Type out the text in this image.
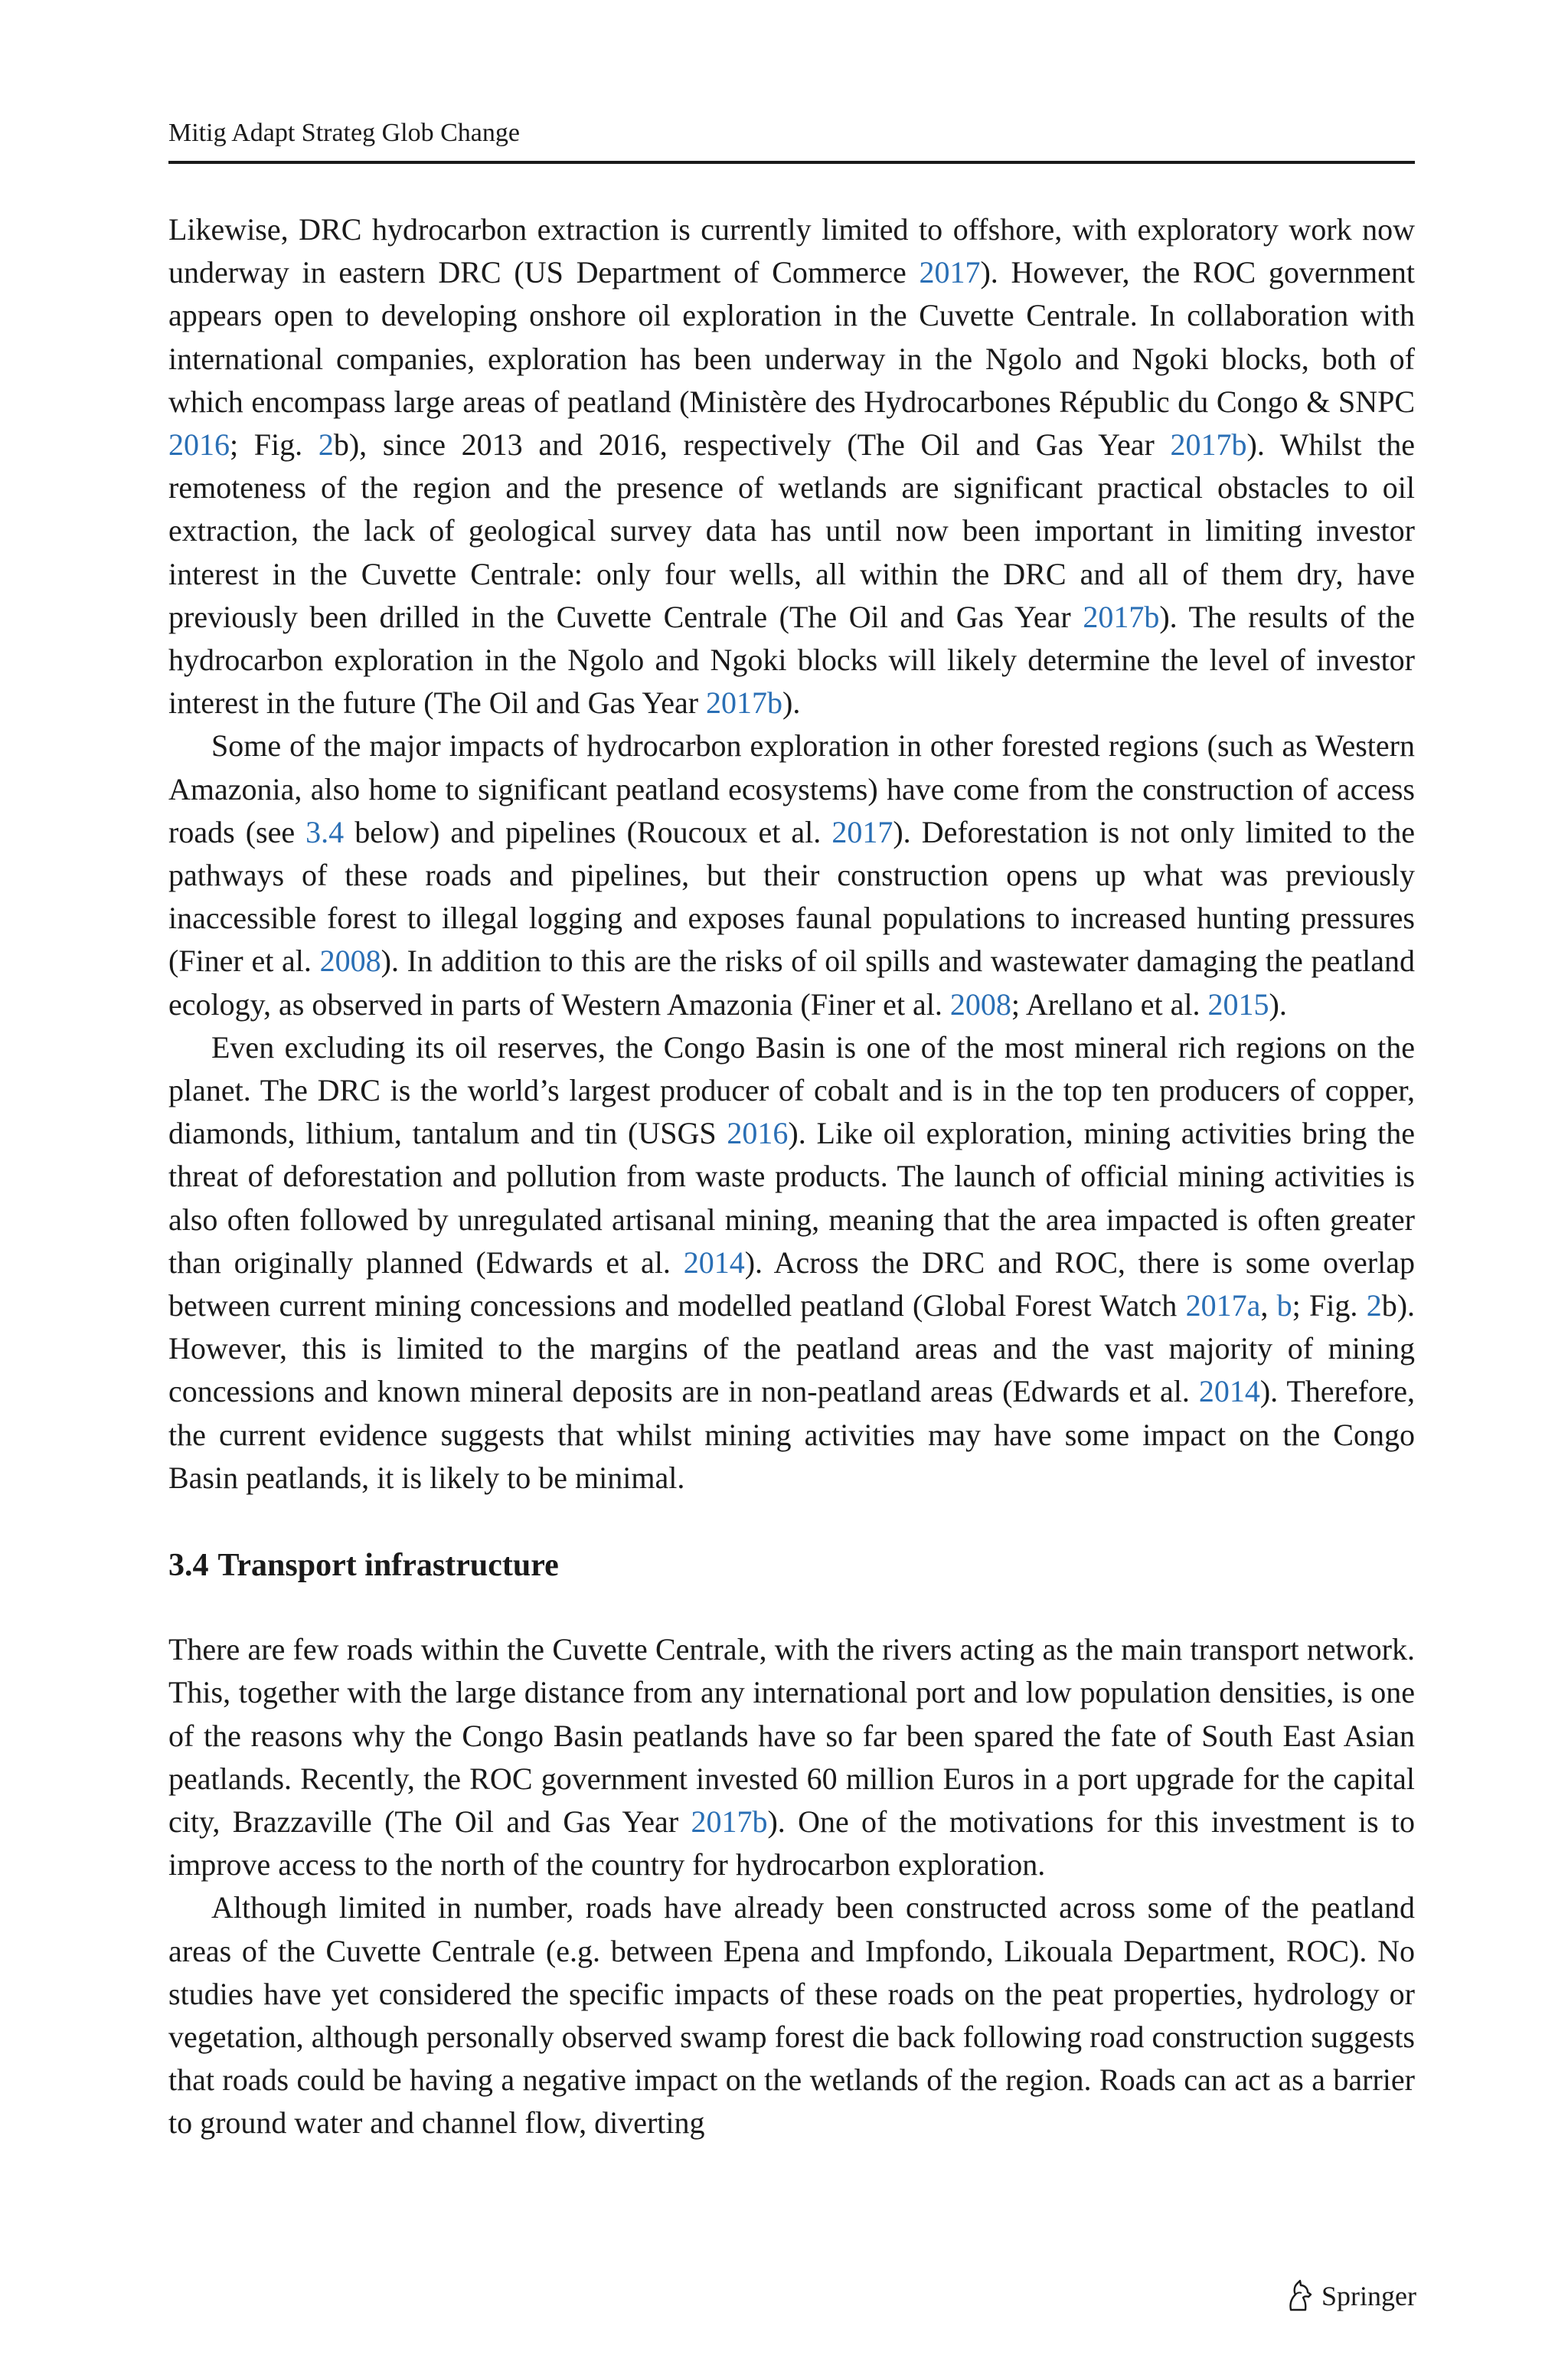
Mitig Adapt Strateg Glob Change

Likewise, DRC hydrocarbon extraction is currently limited to offshore, with exploratory work now underway in eastern DRC (US Department of Commerce 2017). However, the ROC government appears open to developing onshore oil exploration in the Cuvette Centrale. In collaboration with international companies, exploration has been underway in the Ngolo and Ngoki blocks, both of which encompass large areas of peatland (Ministère des Hydrocarbones Républic du Congo & SNPC 2016; Fig. 2b), since 2013 and 2016, respectively (The Oil and Gas Year 2017b). Whilst the remoteness of the region and the presence of wetlands are significant practical obstacles to oil extraction, the lack of geological survey data has until now been important in limiting investor interest in the Cuvette Centrale: only four wells, all within the DRC and all of them dry, have previously been drilled in the Cuvette Centrale (The Oil and Gas Year 2017b). The results of the hydrocarbon exploration in the Ngolo and Ngoki blocks will likely determine the level of investor interest in the future (The Oil and Gas Year 2017b).

Some of the major impacts of hydrocarbon exploration in other forested regions (such as Western Amazonia, also home to significant peatland ecosystems) have come from the construction of access roads (see 3.4 below) and pipelines (Roucoux et al. 2017). Deforestation is not only limited to the pathways of these roads and pipelines, but their construction opens up what was previously inaccessible forest to illegal logging and exposes faunal populations to increased hunting pressures (Finer et al. 2008). In addition to this are the risks of oil spills and wastewater damaging the peatland ecology, as observed in parts of Western Amazonia (Finer et al. 2008; Arellano et al. 2015).

Even excluding its oil reserves, the Congo Basin is one of the most mineral rich regions on the planet. The DRC is the world’s largest producer of cobalt and is in the top ten producers of copper, diamonds, lithium, tantalum and tin (USGS 2016). Like oil exploration, mining activities bring the threat of deforestation and pollution from waste products. The launch of official mining activities is also often followed by unregulated artisanal mining, meaning that the area impacted is often greater than originally planned (Edwards et al. 2014). Across the DRC and ROC, there is some overlap between current mining concessions and modelled peatland (Global Forest Watch 2017a, b; Fig. 2b). However, this is limited to the margins of the peatland areas and the vast majority of mining concessions and known mineral deposits are in non-peatland areas (Edwards et al. 2014). Therefore, the current evidence suggests that whilst mining activities may have some impact on the Congo Basin peatlands, it is likely to be minimal.

3.4 Transport infrastructure

There are few roads within the Cuvette Centrale, with the rivers acting as the main transport network. This, together with the large distance from any international port and low population densities, is one of the reasons why the Congo Basin peatlands have so far been spared the fate of South East Asian peatlands. Recently, the ROC government invested 60 million Euros in a port upgrade for the capital city, Brazzaville (The Oil and Gas Year 2017b). One of the motivations for this investment is to improve access to the north of the country for hydrocarbon exploration.

Although limited in number, roads have already been constructed across some of the peatland areas of the Cuvette Centrale (e.g. between Epena and Impfondo, Likouala Department, ROC). No studies have yet considered the specific impacts of these roads on the peat properties, hydrology or vegetation, although personally observed swamp forest die back following road construction suggests that roads could be having a negative impact on the wetlands of the region. Roads can act as a barrier to ground water and channel flow, diverting

Springer
